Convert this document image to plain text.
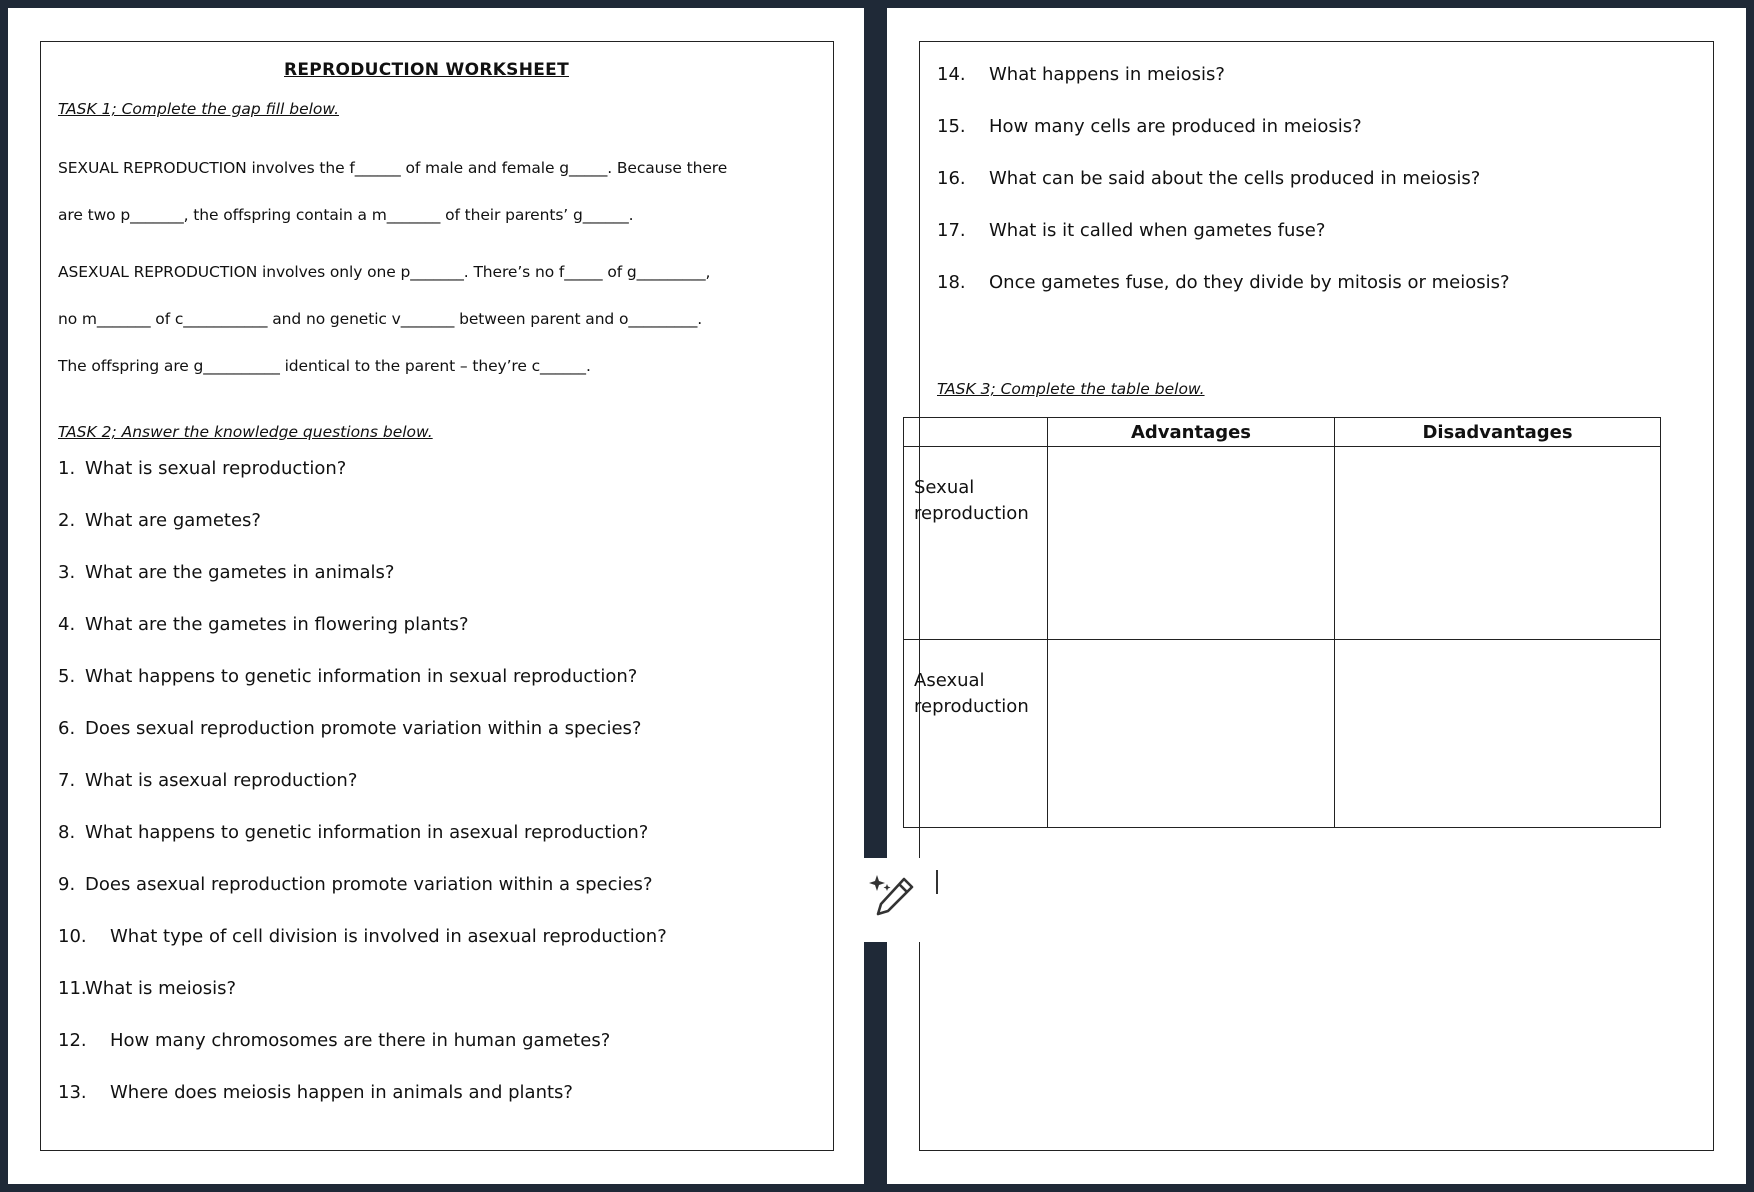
REPRODUCTION WORKSHEET
TASK 1; Complete the gap fill below.
SEXUAL REPRODUCTION involves the f______ of male and female g_____. Because there
are two p_______, the offspring contain a m_______ of their parents’ g______.
ASEXUAL REPRODUCTION involves only one p_______. There’s no f_____ of g_________,
no m_______ of c___________ and no genetic v_______ between parent and o_________.
The offspring are g__________ identical to the parent – they’re c______.
TASK 2; Answer the knowledge questions below.
1. What is sexual reproduction?
2. What are gametes?
3. What are the gametes in animals?
4. What are the gametes in flowering plants?
5. What happens to genetic information in sexual reproduction?
6. Does sexual reproduction promote variation within a species?
7. What is asexual reproduction?
8. What happens to genetic information in asexual reproduction?
9. Does asexual reproduction promote variation within a species?
10. What type of cell division is involved in asexual reproduction?
11.What is meiosis?
12. How many chromosomes are there in human gametes?
13. Where does meiosis happen in animals and plants?
14. What happens in meiosis?
15. How many cells are produced in meiosis?
16. What can be said about the cells produced in meiosis?
17. What is it called when gametes fuse?
18. Once gametes fuse, do they divide by mitosis or meiosis?
TASK 3; Complete the table below.
	Advantages	Disadvantages
Sexual reproduction		
Asexual reproduction		
